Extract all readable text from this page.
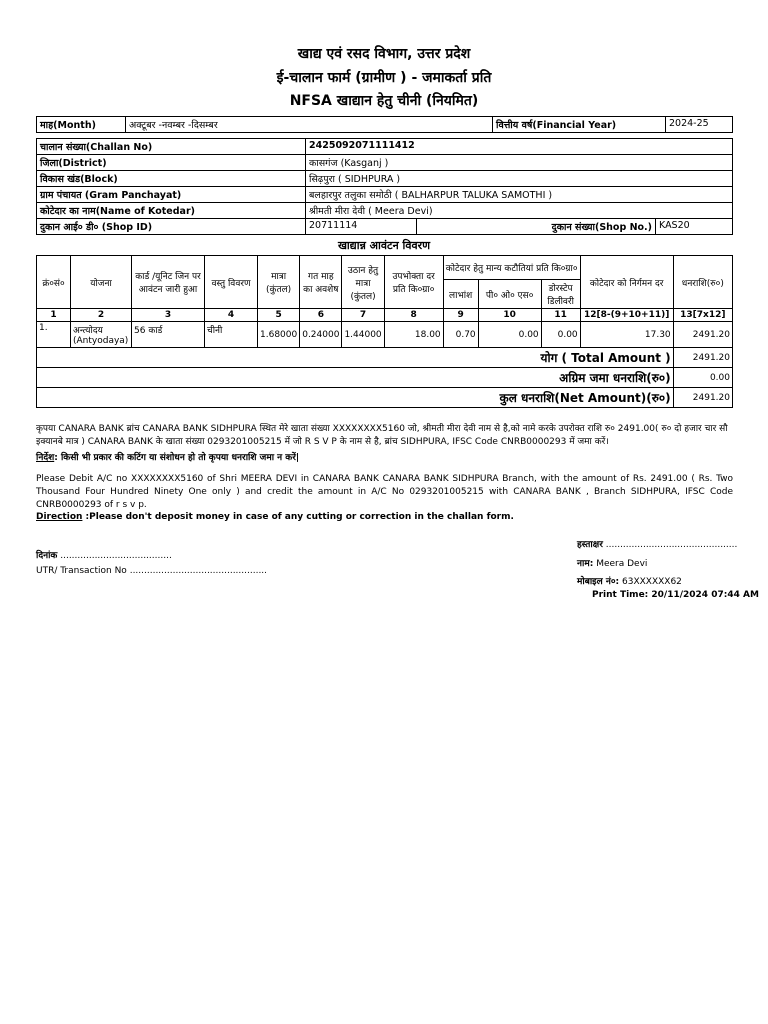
खाद्य एवं रसद विभाग, उत्तर प्रदेश
ई-चालान फार्म (ग्रामीण ) - जमाकर्ता प्रति
NFSA खाद्यान हेतु चीनी (नियमित)
माह(Month)	अक्टूबर -नवम्बर -दिसम्बर	वित्तीय वर्ष(Financial Year)	2024-25
चालान संख्या(Challan No)	2425092071111412		
जिला(District)	कासगंज (Kasganj )		
विकास खंड(Block)	सिढ़पुरा ( SIDHPURA )		
ग्राम पंचायत (Gram Panchayat)	बलहारपुर तलुका समोठी ( BALHARPUR TALUKA SAMOTHI )		
कोटेदार का नाम(Name of Kotedar)	श्रीमती मीरा देवी ( Meera Devi)		
दुकान आई० डी० (Shop ID)	20711114	दुकान संख्या(Shop No.)	KAS20
खाद्यान्न आवंटन विवरण
क्रं०सं०	योजना	कार्ड /यूनिट जिन पर आवंटन जारी हुआ	वस्तु विवरण	मात्रा (कुंतल)	गत माह का अवशेष	उठान हेतु मात्रा (कुंतल)	उपभोक्ता दर प्रति कि०ग्रा०	कोटेदार हेतु मान्य कटौतियां प्रति कि०ग्रा०			कोटेदार को निर्गमन दर	धनराशि(रु०)
								लाभांश	पी० ओ० एस०	डोरस्टेप डिलीवरी		
1	2	3	4	5	6	7	8	9	10	11	12[8-(9+10+11)]	13[7x12]
1.	अन्त्योदय (Antyodaya)	56 कार्ड	चीनी	1.68000	0.24000	1.44000	18.00	0.70	0.00	0.00	17.30	2491.20
योग ( Total Amount )												2491.20
अग्रिम जमा धनराशि(रु०)												0.00
कुल धनराशि(Net Amount)(रु०)												2491.20
कृपया CANARA BANK ब्रांच CANARA BANK SIDHPURA स्थित मेरे खाता संख्या XXXXXXXX5160 जो, श्रीमती मीरा देवी नाम से है,को नामे करके उपरोक्त राशि रु० 2491.00( रु० दो हजार चार सौ इक्यानबे मात्र ) CANARA BANK के खाता संख्या 0293201005215 में जो R S V P के नाम से है, ब्रांच SIDHPURA, IFSC Code CNRB0000293 में जमा करें।
निर्देश: किसी भी प्रकार की कटिंग या संशोधन हो तो कृपया धनराशि जमा न करें|
Please Debit A/C no XXXXXXXX5160 of Shri MEERA DEVI in CANARA BANK CANARA BANK SIDHPURA Branch, with the amount of Rs. 2491.00 ( Rs. Two Thousand Four Hundred Ninety One only ) and credit the amount in A/C No 0293201005215 with CANARA BANK , Branch SIDHPURA, IFSC Code CNRB0000293 of r s v p.
Direction :Please don't deposit money in case of any cutting or correction in the challan form.
हस्ताक्षर ..............................................
दिनांक .......................................
नाम: Meera Devi
UTR/ Transaction No ................................................
मोबाइल नं०: 63XXXXXX62
Print Time: 20/11/2024 07:44 AM
